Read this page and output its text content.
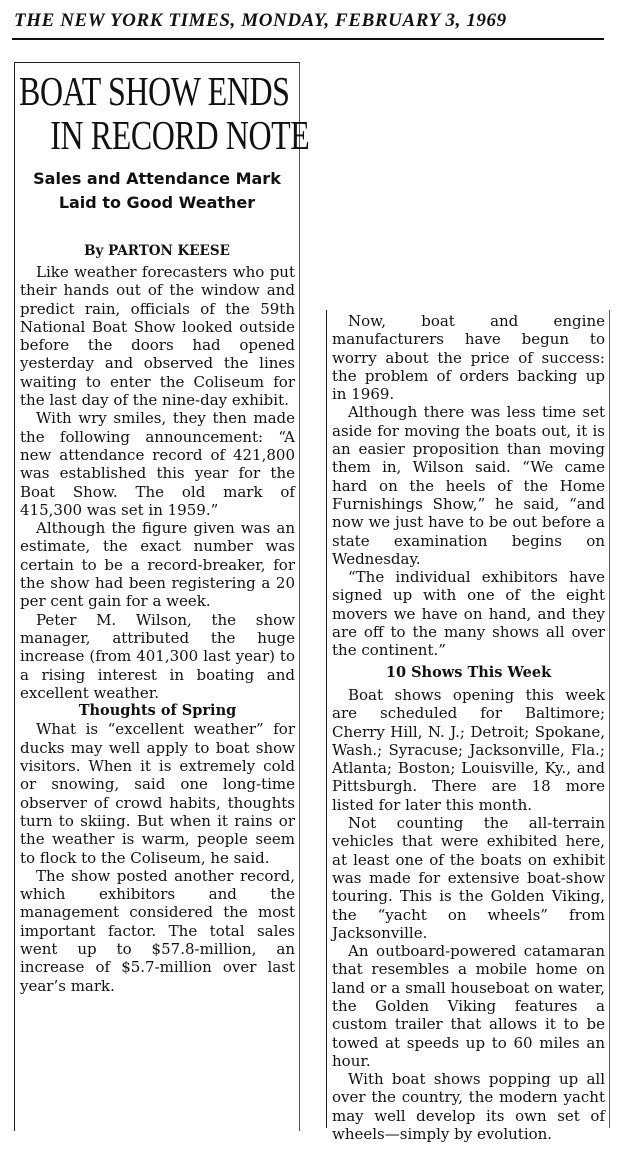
THE NEW YORK TIMES, MONDAY, FEBRUARY 3, 1969
BOAT SHOW ENDS
IN RECORD NOTE
Sales and Attendance Mark
Laid to Good Weather
By PARTON KEESE

Like weather forecasters who put their hands out of the window and predict rain, officials of the 59th National Boat Show looked outside before the doors had opened yesterday and observed the lines waiting to enter the Coliseum for the last day of the nine-day exhibit.

With wry smiles, they then made the following announcement: “A new attendance record of 421,800 was established this year for the Boat Show. The old mark of 415,300 was set in 1959.”

Although the figure given was an estimate, the exact number was certain to be a record-breaker, for the show had been registering a 20 per cent gain for a week.

Peter M. Wilson, the show manager, attributed the huge increase (from 401,300 last year) to a rising interest in boating and excellent weather.

Thoughts of Spring

What is “excellent weather” for ducks may well apply to boat show visitors. When it is extremely cold or snowing, said one long-time observer of crowd habits, thoughts turn to skiing. But when it rains or the weather is warm, people seem to flock to the Coliseum, he said.

The show posted another record, which exhibitors and the management considered the most important factor. The total sales went up to $57.8-million, an increase of $5.7-million over last year’s mark.

Now, boat and engine manufacturers have begun to worry about the price of success: the problem of orders backing up in 1969.

Although there was less time set aside for moving the boats out, it is an easier proposition than moving them in, Wilson said. “We came hard on the heels of the Home Furnishings Show,” he said, “and now we just have to be out before a state examination begins on Wednesday.

“The individual exhibitors have signed up with one of the eight movers we have on hand, and they are off to the many shows all over the continent.”

10 Shows This Week

Boat shows opening this week are scheduled for Baltimore; Cherry Hill, N. J.; Detroit; Spokane, Wash.; Syracuse; Jacksonville, Fla.; Atlanta; Boston; Louisville, Ky., and Pittsburgh. There are 18 more listed for later this month.

Not counting the all-terrain vehicles that were exhibited here, at least one of the boats on exhibit was made for extensive boat-show touring. This is the Golden Viking, the “yacht on wheels” from Jacksonville.

An outboard-powered catamaran that resembles a mobile home on land or a small houseboat on water, the Golden Viking features a custom trailer that allows it to be towed at speeds up to 60 miles an hour.

With boat shows popping up all over the country, the modern yacht may well develop its own set of wheels—simply by evolution.
